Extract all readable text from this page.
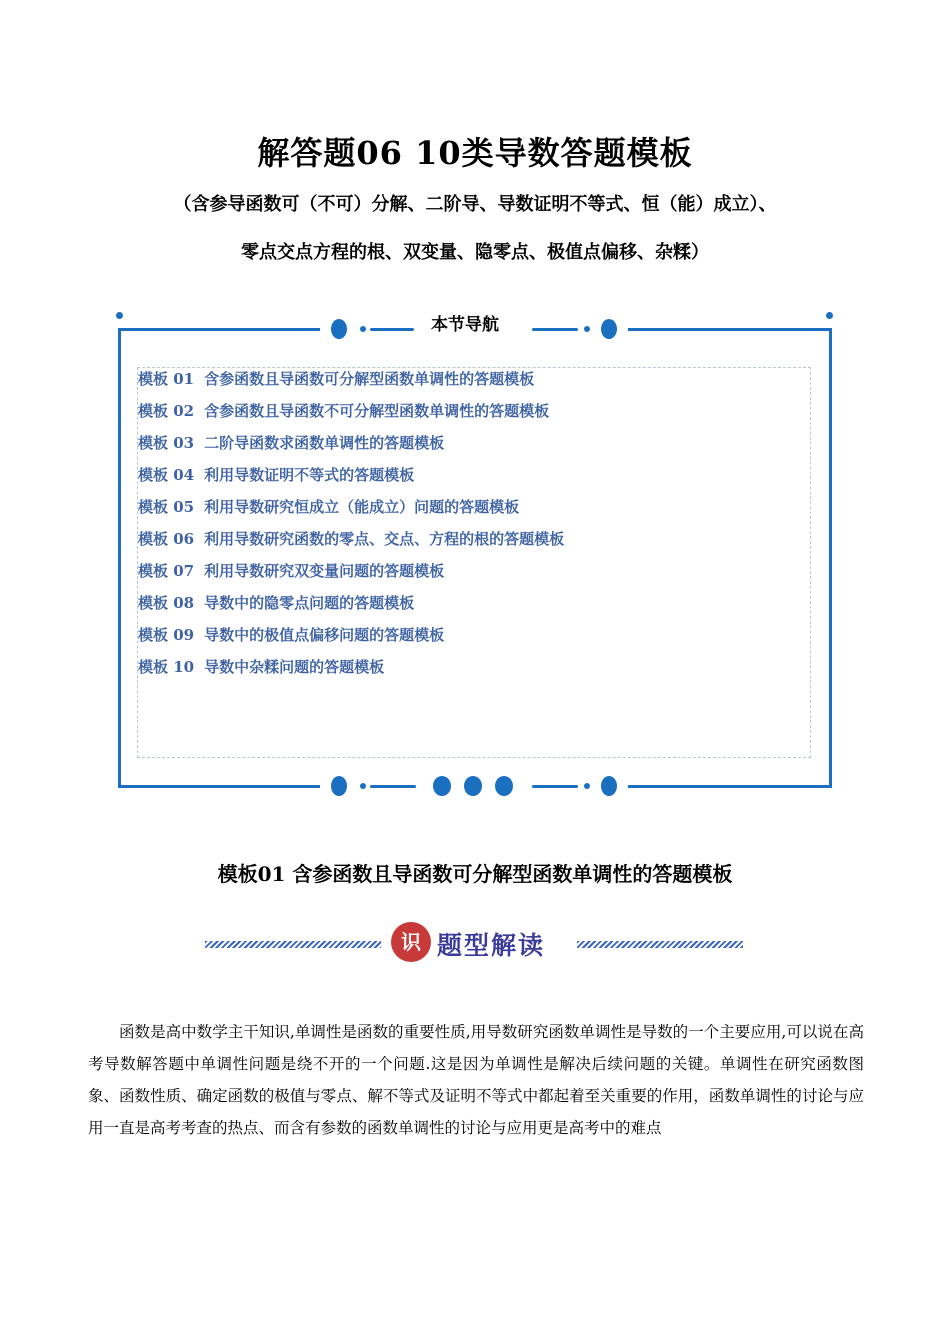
解答题06 10类导数答题模板
（含参导函数可（不可）分解、二阶导、导数证明不等式、恒（能）成立）、
零点交点方程的根、双变量、隐零点、极值点偏移、杂糅）
本节导航
模板 01 含参函数且导函数可分解型函数单调性的答题模板
模板 02 含参函数且导函数不可分解型函数单调性的答题模板
模板 03 二阶导函数求函数单调性的答题模板
模板 04 利用导数证明不等式的答题模板
模板 05 利用导数研究恒成立（能成立）问题的答题模板
模板 06 利用导数研究函数的零点、交点、方程的根的答题模板
模板 07 利用导数研究双变量问题的答题模板
模板 08 导数中的隐零点问题的答题模板
模板 09 导数中的极值点偏移问题的答题模板
模板 10 导数中杂糅问题的答题模板
模板01 含参函数且导函数可分解型函数单调性的答题模板
识 题型解读

函数是高中数学主干知识,单调性是函数的重要性质,用导数研究函数单调性是导数的一个主要应用,可以说在高考导数解答题中单调性问题是绕不开的一个问题.这是因为单调性是解决后续问题的关键。单调性在研究函数图象、函数性质、确定函数的极值与零点、解不等式及证明不等式中都起着至关重要的作用，函数单调性的讨论与应用一直是高考考查的热点、而含有参数的函数单调性的讨论与应用更是高考中的难点
